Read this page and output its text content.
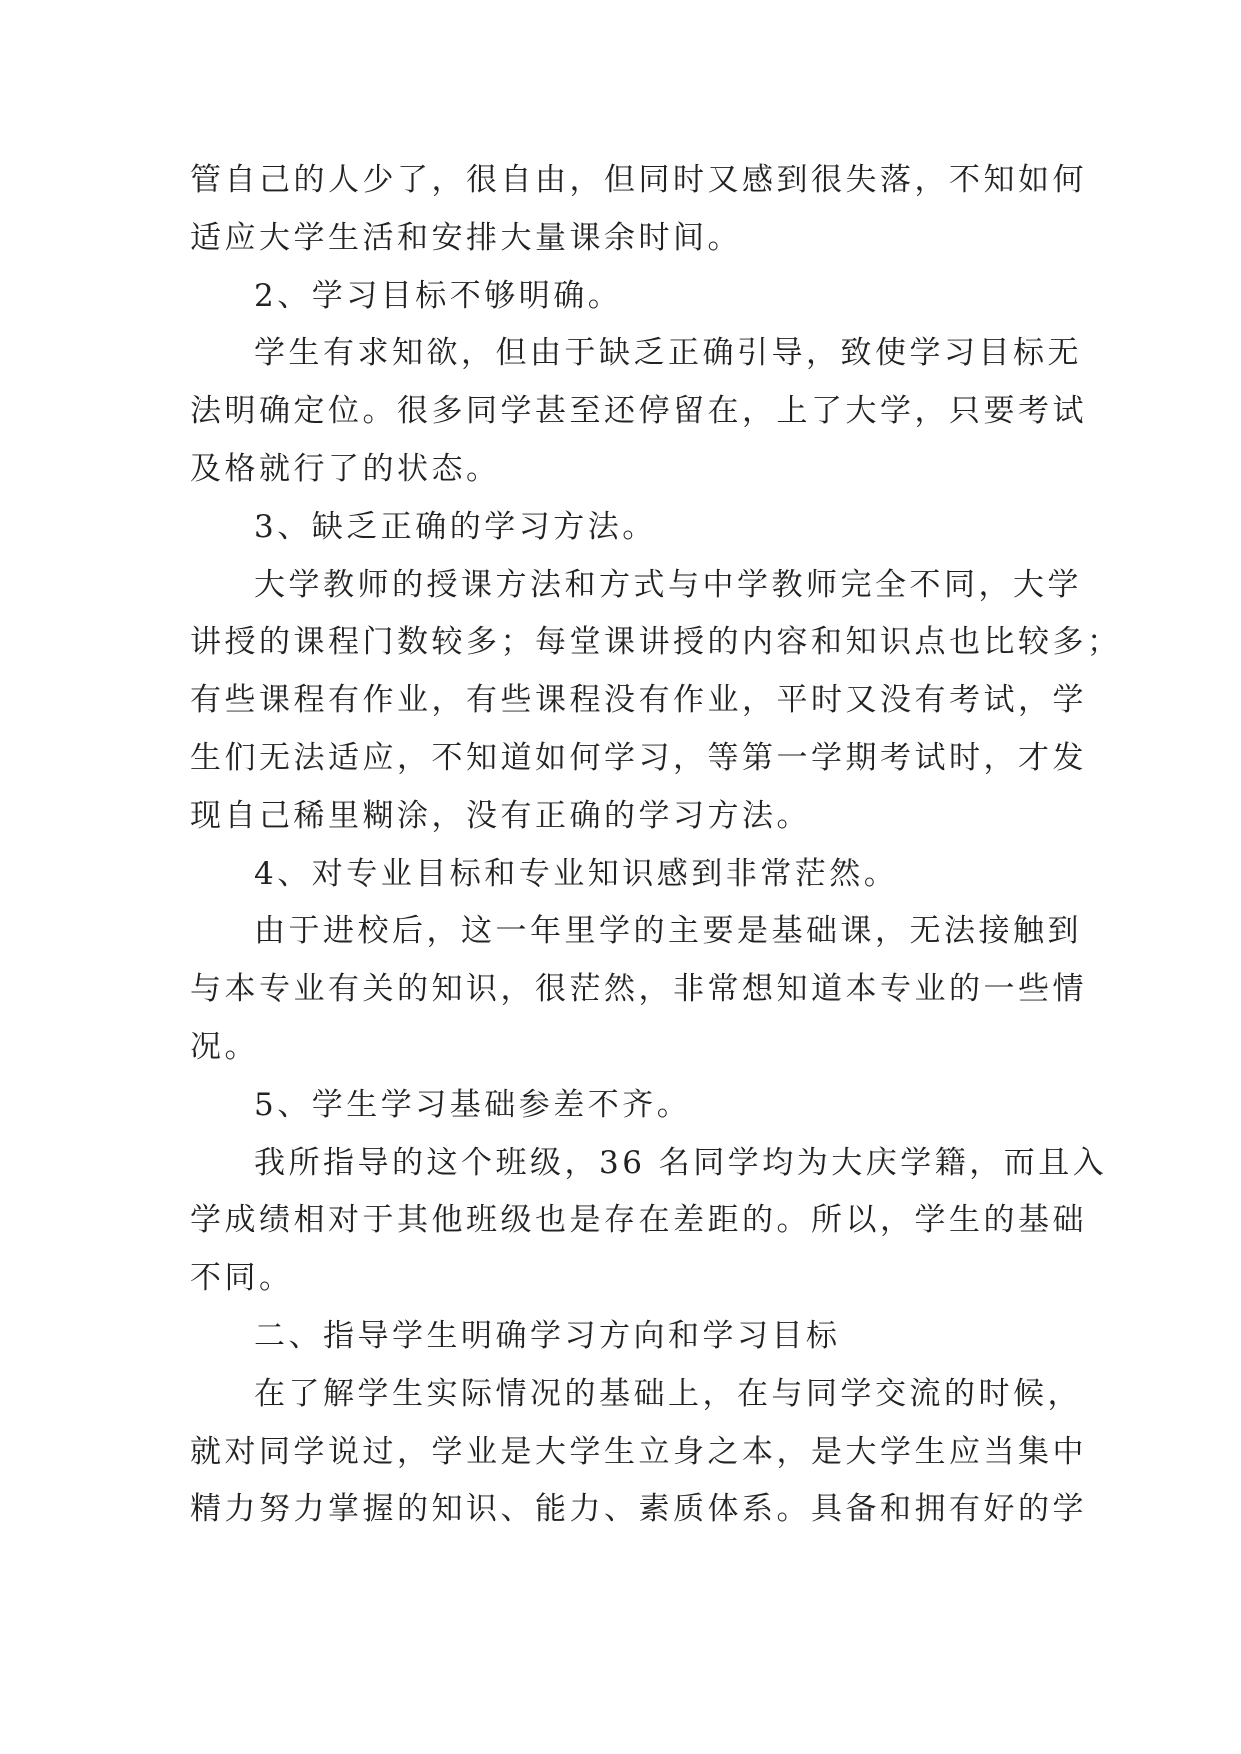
管自己的人少了，很自由，但同时又感到很失落，不知如何
适应大学生活和安排大量课余时间。
2、学习目标不够明确。
学生有求知欲，但由于缺乏正确引导，致使学习目标无
法明确定位。很多同学甚至还停留在，上了大学，只要考试
及格就行了的状态。
3、缺乏正确的学习方法。
大学教师的授课方法和方式与中学教师完全不同，大学
讲授的课程门数较多；每堂课讲授的内容和知识点也比较多；
有些课程有作业，有些课程没有作业，平时又没有考试，学
生们无法适应，不知道如何学习，等第一学期考试时，才发
现自己稀里糊涂，没有正确的学习方法。
4、对专业目标和专业知识感到非常茫然。
由于进校后，这一年里学的主要是基础课，无法接触到
与本专业有关的知识，很茫然，非常想知道本专业的一些情
况。
5、学生学习基础参差不齐。
我所指导的这个班级，36 名同学均为大庆学籍，而且入
学成绩相对于其他班级也是存在差距的。所以，学生的基础
不同。
二、指导学生明确学习方向和学习目标
在了解学生实际情况的基础上，在与同学交流的时候，
就对同学说过，学业是大学生立身之本，是大学生应当集中
精力努力掌握的知识、能力、素质体系。具备和拥有好的学
